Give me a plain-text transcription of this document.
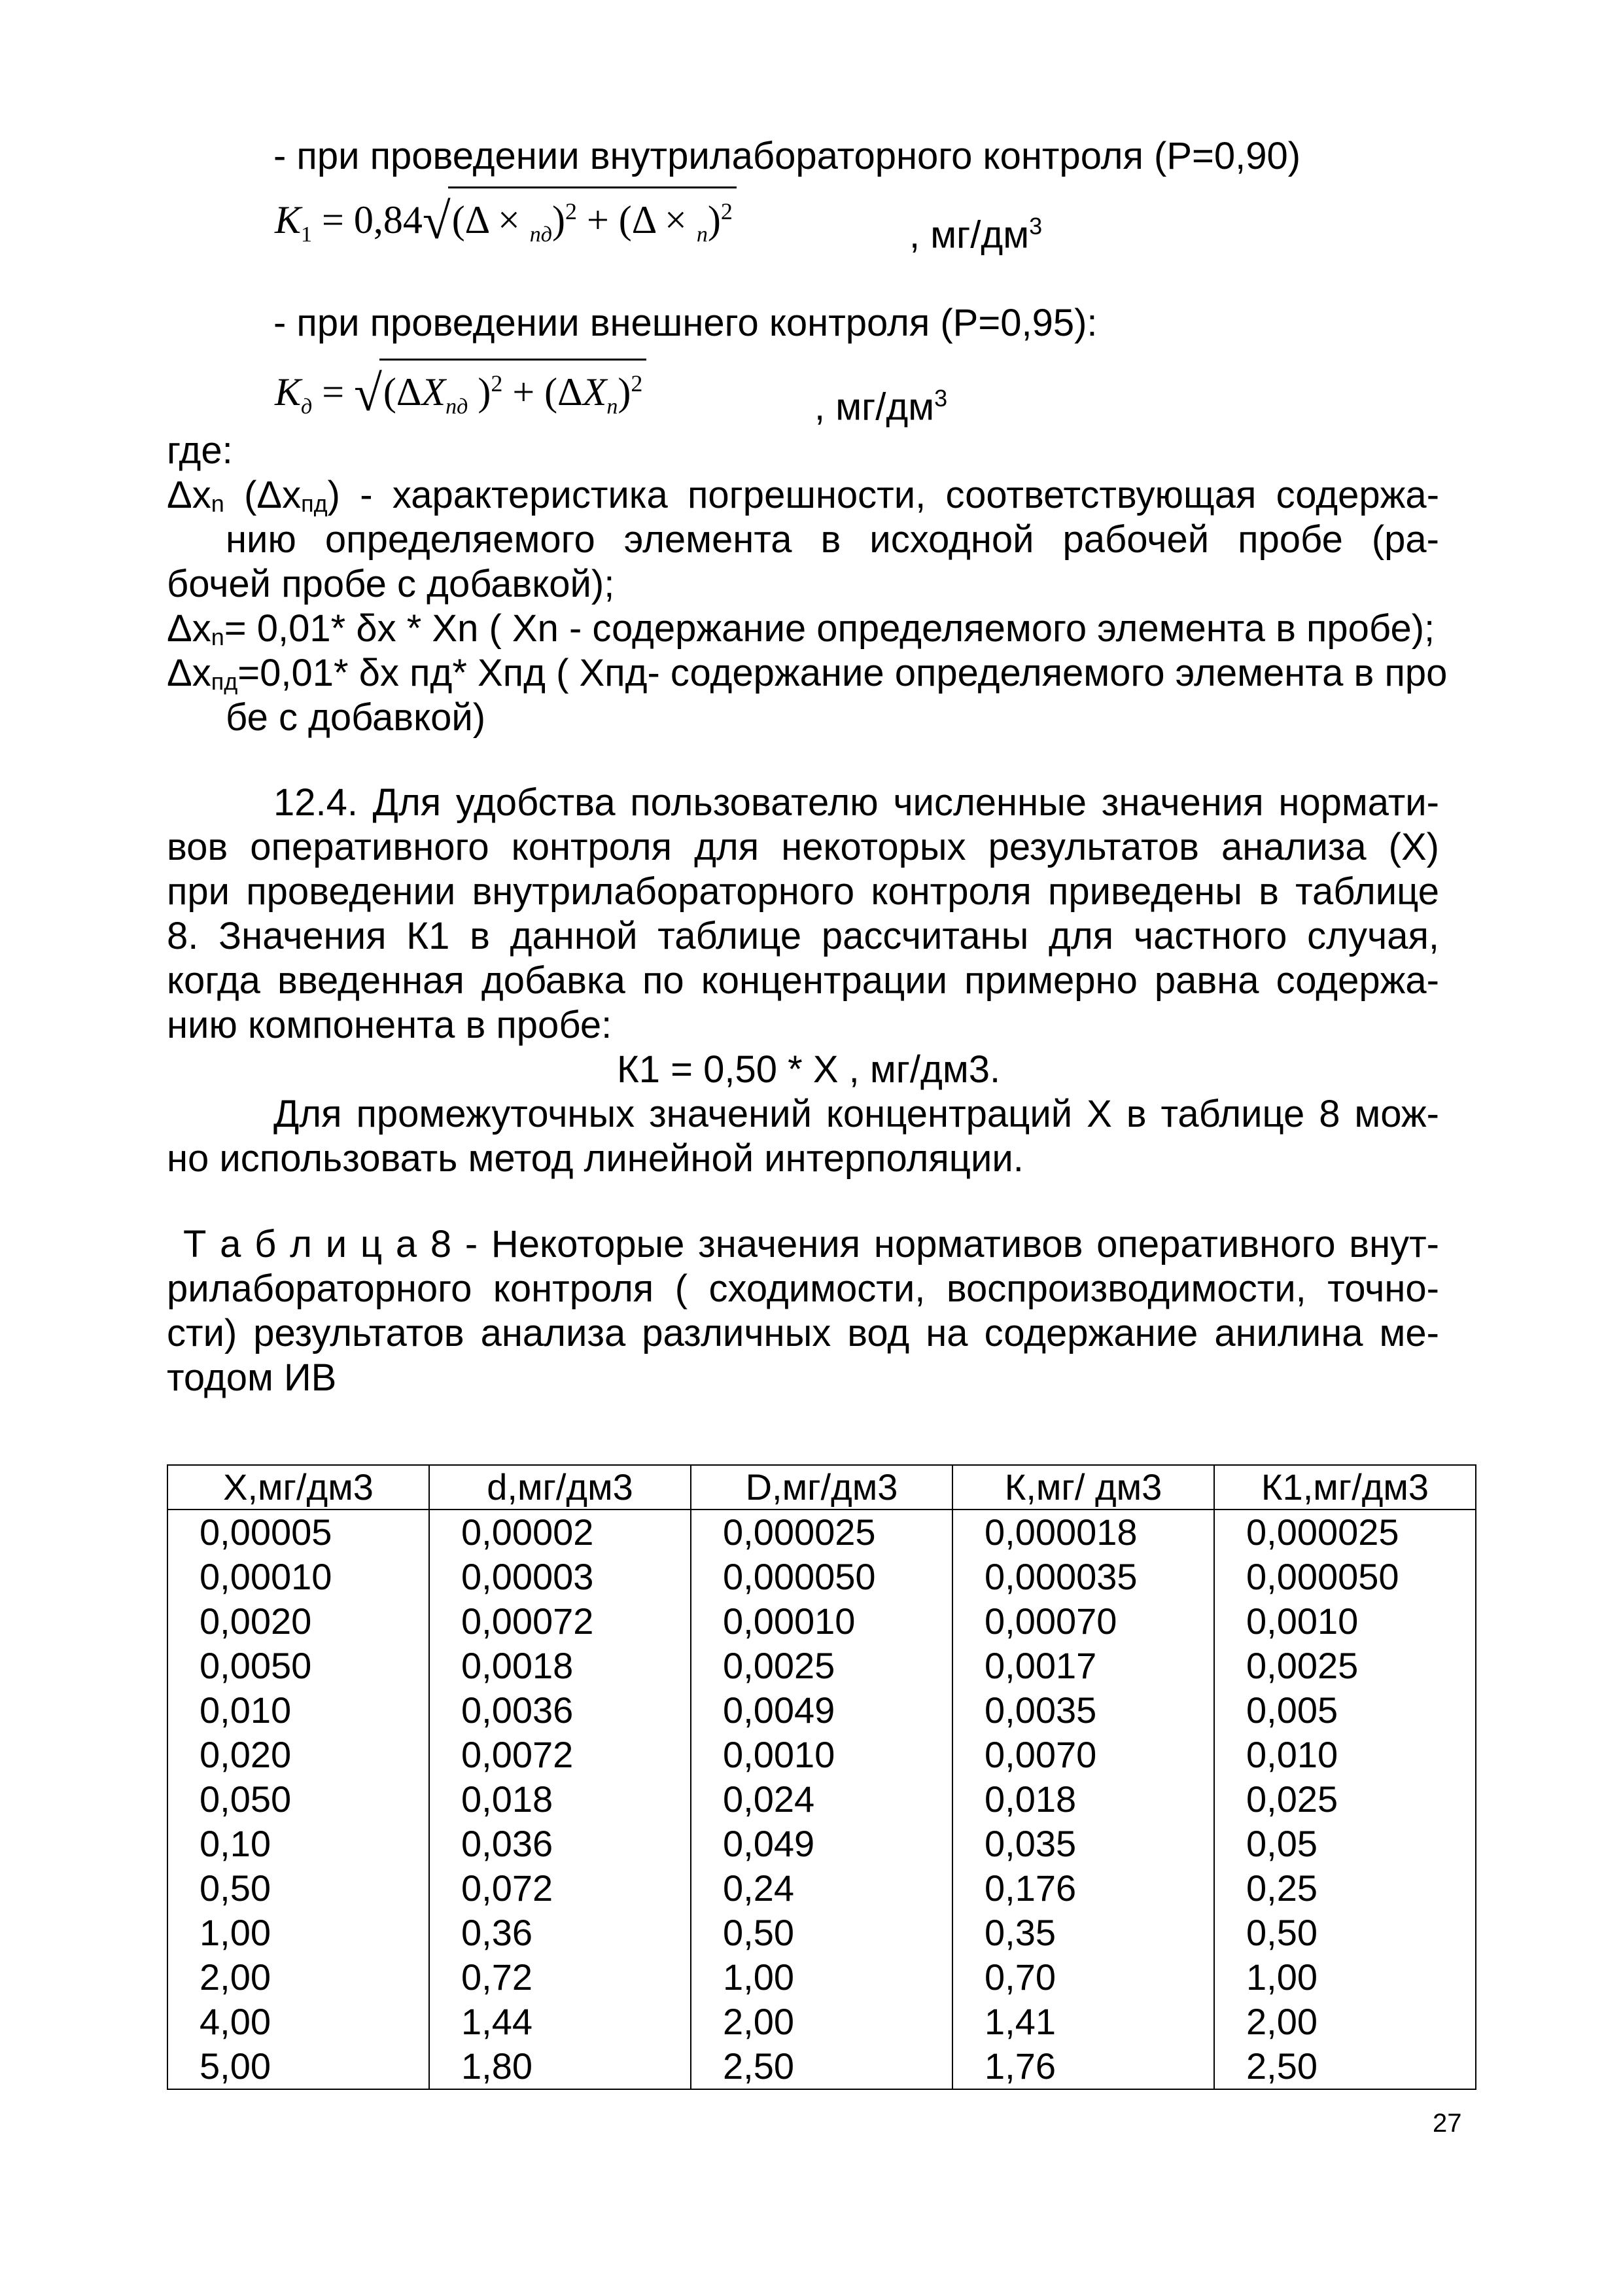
- при проведении внутрилабораторного контроля (Р=0,90)
$K_1 = 0,84√(\Delta \times _{пд})^2 + (\Delta \times _n)^2$
, $мг/дм^3$
- при проведении внешнего контроля (Р=0,95):
$K_д = √(\Delta X_{пд}$ )$^2 + (\Delta X_n)^2$
, $мг/дм^3$
где:
Δxn (Δxпд) - характеристика погрешности, соответствующая содержа-
нию определяемого элемента в исходной рабочей пробе (ра-
бочей пробе с добавкой);
Δxn= 0,01* δx * Xn ( Xn - содержание определяемого элемента в пробе);
Δxпд=0,01* δx пд* Xпд ( Xпд- содержание определяемого элемента в про
бе с добавкой)
12.4. Для удобства пользователю численные значения нормати-
вов оперативного контроля для некоторых результатов анализа (Х)
при проведении внутрилабораторного контроля приведены в таблице
8. Значения К1 в данной таблице рассчитаны для частного случая,
когда введенная добавка по концентрации примерно равна содержа-
нию компонента в пробе:
К1 = 0,50 * Х , мг/дм3.
Для промежуточных значений концентраций Х в таблице 8 мож-
но использовать метод линейной интерполяции.
Т а б л и ц а 8 - Некоторые значения нормативов оперативного внут-
рилабораторного контроля ( сходимости, воспроизводимости, точно-
сти) результатов анализа различных вод на содержание анилина ме-
тодом ИВ
Х,мг/дм3	d,мг/дм3	D,мг/дм3	К,мг/ дм3	К1,мг/дм3
0,00005	0,00002	0,000025	0,000018	0,000025
0,00010	0,00003	0,000050	0,000035	0,000050
0,0020	0,00072	0,00010	0,00070	0,0010
0,0050	0,0018	0,0025	0,0017	0,0025
0,010	0,0036	0,0049	0,0035	0,005
0,020	0,0072	0,0010	0,0070	0,010
0,050	0,018	0,024	0,018	0,025
0,10	0,036	0,049	0,035	0,05
0,50	0,072	0,24	0,176	0,25
1,00	0,36	0,50	0,35	0,50
2,00	0,72	1,00	0,70	1,00
4,00	1,44	2,00	1,41	2,00
5,00	1,80	2,50	1,76	2,50
27
